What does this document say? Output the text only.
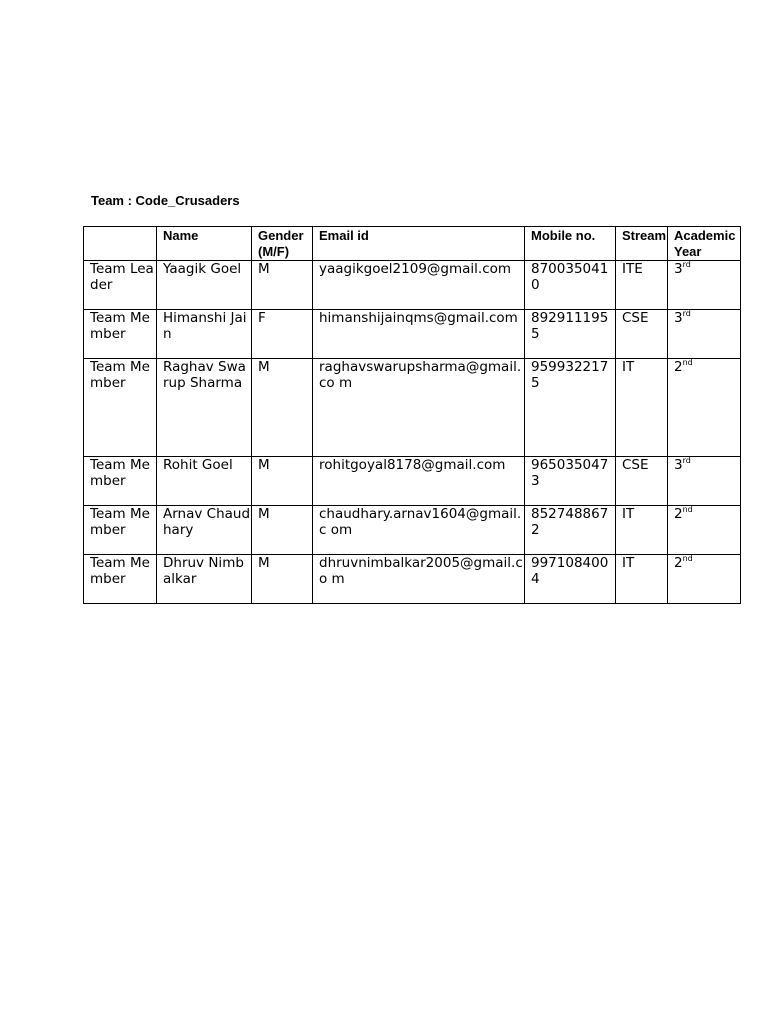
Team : Code_Crusaders
	Name	Gender (M/F)	Email id	Mobile no.	Stream	Academic Year
Team Leader	Yaagik Goel	M	yaagikgoel2109@gmail.com	8700350410	ITE	3rd
Team Member	Himanshi Jain	F	himanshijainqms@gmail.com	8929111955	CSE	3rd
Team Member	Raghav Swarup Sharma	M	raghavswarupsharma@gmail.co m	9599322175	IT	2nd
Team Member	Rohit Goel	M	rohitgoyal8178@gmail.com	9650350473	CSE	3rd
Team Member	Arnav Chaudhary	M	chaudhary.arnav1604@gmail.c om	8527488672	IT	2nd
Team Member	Dhruv Nimbalkar	M	dhruvnimbalkar2005@gmail.co m	9971084004	IT	2nd
